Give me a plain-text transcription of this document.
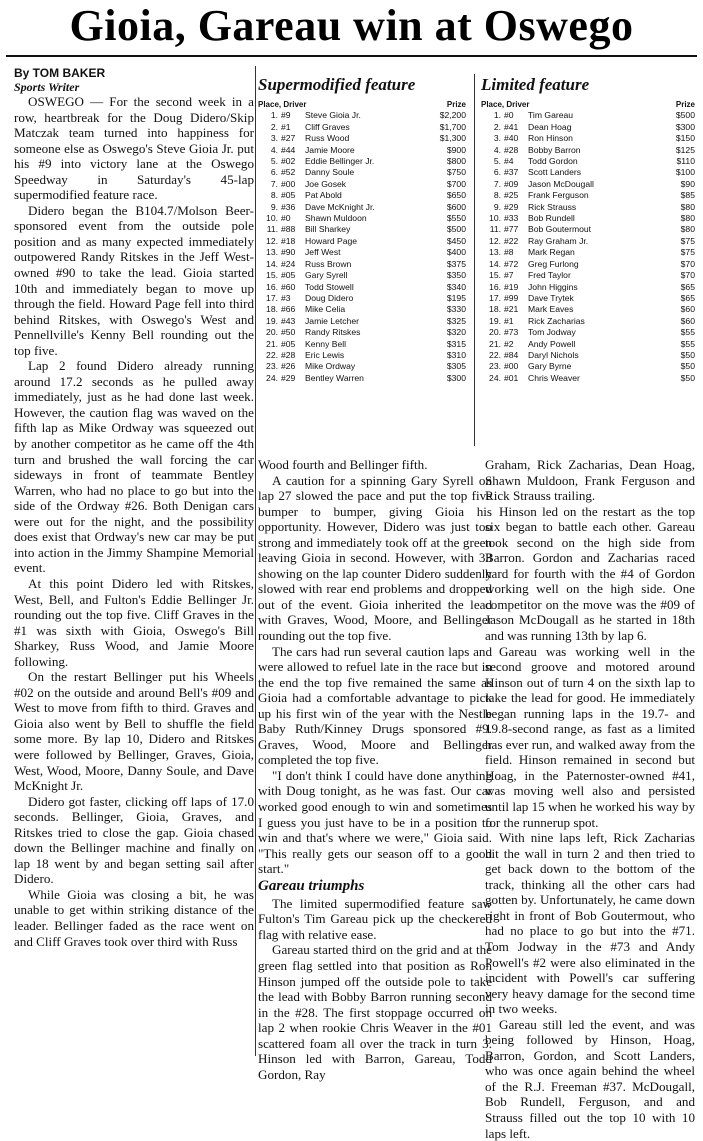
Gioia, Gareau win at Oswego

By TOM BAKER

Sports Writer

OSWEGO — For the second week in a row, heartbreak for the Doug Didero/Skip Matczak team turned into happiness for someone else as Oswego's Steve Gioia Jr. put his #9 into victory lane at the Oswego Speedway in Saturday's 45-lap supermodified feature race.

Didero began the B104.7/Molson Beer-sponsored event from the outside pole position and as many expected immediately outpowered Randy Ritskes in the Jeff West-owned #90 to take the lead. Gioia started 10th and immediately began to move up through the field. Howard Page fell into third behind Ritskes, with Oswego's West and Pennellville's Kenny Bell rounding out the top five.

Lap 2 found Didero already running around 17.2 seconds as he pulled away immediately, just as he had done last week. However, the caution flag was waved on the fifth lap as Mike Ordway was squeezed out by another competitor as he came off the 4th turn and brushed the wall forcing the car sideways in front of teammate Bentley Warren, who had no place to go but into the side of the Ordway #26. Both Denigan cars were out for the night, and the possibility does exist that Ordway's new car may be put into action in the Jimmy Shampine Memorial event.

At this point Didero led with Ritskes, West, Bell, and Fulton's Eddie Bellinger Jr. rounding out the top five. Cliff Graves in the #1 was sixth with Gioia, Oswego's Bill Sharkey, Russ Wood, and Jamie Moore following.

On the restart Bellinger put his Wheels #02 on the outside and around Bell's #09 and West to move from fifth to third. Graves and Gioia also went by Bell to shuffle the field some more. By lap 10, Didero and Ritskes were followed by Bellinger, Graves, Gioia, West, Wood, Moore, Danny Soule, and Dave McKnight Jr.

Didero got faster, clicking off laps of 17.0 seconds. Bellinger, Gioia, Graves, and Ritskes tried to close the gap. Gioia chased down the Bellinger machine and finally on lap 18 went by and began setting sail after Didero.

While Gioia was closing a bit, he was unable to get within striking distance of the leader. Bellinger faded as the race went on and Cliff Graves took over third with Russ

Supermodified feature
Place, Driver	Prize
1. #9	Steve Gioia Jr.	$2,200
2. #1	Cliff Graves	$1,700
3. #27	Russ Wood	$1,300
4. #44	Jamie Moore	$900
5. #02	Eddie Bellinger Jr.	$800
6. #52	Danny Soule	$750
7. #00	Joe Gosek	$700
8. #05	Pat Abold	$650
9. #36	Dave McKnight Jr.	$600
10. #0	Shawn Muldoon	$550
11. #88	Bill Sharkey	$500
12. #18	Howard Page	$450
13. #90	Jeff West	$400
14. #24	Russ Brown	$375
15. #05	Gary Syrell	$350
16. #60	Todd Stowell	$340
17. #3	Doug Didero	$195
18. #66	Mike Celia	$330
19. #43	Jamie Letcher	$325
20. #50	Randy Ritskes	$320
21. #05	Kenny Bell	$315
22. #28	Eric Lewis	$310
23. #26	Mike Ordway	$305
24. #29	Bentley Warren	$300
Limited feature
Place, Driver	Prize
1. #0	Tim Gareau	$500
2. #41	Dean Hoag	$300
3. #40	Ron Hinson	$150
4. #28	Bobby Barron	$125
5. #4	Todd Gordon	$110
6. #37	Scott Landers	$100
7. #09	Jason McDougall	$90
8. #25	Frank Ferguson	$85
9. #29	Rick Strauss	$80
10. #33	Bob Rundell	$80
11. #77	Bob Goutermout	$80
12. #22	Ray Graham Jr.	$75
13. #8	Mark Regan	$75
14. #72	Greg Furlong	$70
15. #7	Fred Taylor	$70
16. #19	John Higgins	$65
17. #99	Dave Trytek	$65
18. #21	Mark Eaves	$60
19. #1	Rick Zacharias	$60
20. #73	Tom Jodway	$55
21. #2	Andy Powell	$55
22. #84	Daryl Nichols	$50
23. #00	Gary Byrne	$50
24. #01	Chris Weaver	$50

Wood fourth and Bellinger fifth.

A caution for a spinning Gary Syrell on lap 27 slowed the pace and put the top five bumper to bumper, giving Gioia his opportunity. However, Didero was just too strong and immediately took off at the green leaving Gioia in second. However, with 33 showing on the lap counter Didero suddenly slowed with rear end problems and dropped out of the event. Gioia inherited the lead with Graves, Wood, Moore, and Bellinger rounding out the top five.

The cars had run several caution laps and were allowed to refuel late in the race but in the end the top five remained the same as Gioia had a comfortable advantage to pick up his first win of the year with the Nestle Baby Ruth/Kinney Drugs sponsored #9. Graves, Wood, Moore and Bellinger completed the top five.

"I don't think I could have done anything with Doug tonight, as he was fast. Our car worked good enough to win and sometimes I guess you just have to be in a position to win and that's where we were," Gioia said. "This really gets our season off to a good start."

Gareau triumphs

The limited supermodified feature saw Fulton's Tim Gareau pick up the checkered flag with relative ease.

Gareau started third on the grid and at the green flag settled into that position as Ron Hinson jumped off the outside pole to take the lead with Bobby Barron running second in the #28. The first stoppage occurred on lap 2 when rookie Chris Weaver in the #01 scattered foam all over the track in turn 3. Hinson led with Barron, Gareau, Todd Gordon, Ray

Graham, Rick Zacharias, Dean Hoag, Shawn Muldoon, Frank Ferguson and Rick Strauss trailing.

Hinson led on the restart as the top six began to battle each other. Gareau took second on the high side from Barron. Gordon and Zacharias raced hard for fourth with the #4 of Gordon working well on the high side. One competitor on the move was the #09 of Jason McDougall as he started in 18th and was running 13th by lap 6.

Gareau was working well in the second groove and motored around Hinson out of turn 4 on the sixth lap to take the lead for good. He immediately began running laps in the 19.7- and 19.8-second range, as fast as a limited has ever run, and walked away from the field. Hinson remained in second but Hoag, in the Paternoster-owned #41, was moving well also and persisted until lap 15 when he worked his way by for the runnerup spot.

With nine laps left, Rick Zacharias hit the wall in turn 2 and then tried to get back down to the bottom of the track, thinking all the other cars had gotten by. Unfortunately, he came down right in front of Bob Goutermout, who had no place to go but into the #71. Tom Jodway in the #73 and Andy Powell's #2 were also eliminated in the incident with Powell's car suffering very heavy damage for the second time in two weeks.

Gareau still led the event, and was being followed by Hinson, Hoag, Barron, Gordon, and Scott Landers, who was once again behind the wheel of the R.J. Freeman #37. McDougall, Bob Rundell, Ferguson, and and Strauss filled out the top 10 with 10 laps left.
